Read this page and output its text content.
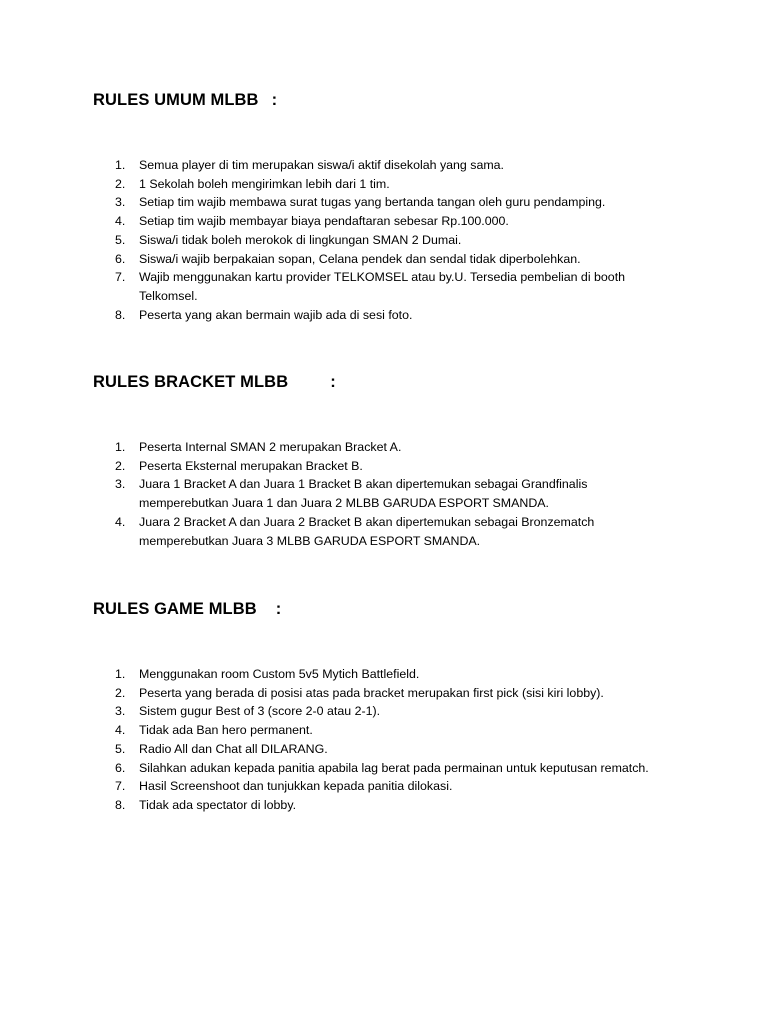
RULES UMUM MLBB :
1.	Semua player di tim merupakan siswa/i aktif disekolah yang sama.
2.	1 Sekolah boleh mengirimkan lebih dari 1 tim.
3.	Setiap tim wajib membawa surat tugas yang bertanda tangan oleh guru pendamping.
4.	Setiap tim wajib membayar biaya pendaftaran sebesar Rp.100.000.
5.	Siswa/i tidak boleh merokok di lingkungan SMAN 2 Dumai.
6.	Siswa/i wajib berpakaian sopan, Celana pendek dan sendal tidak diperbolehkan.
7.	Wajib menggunakan kartu provider TELKOMSEL atau by.U. Tersedia pembelian di booth Telkomsel.
8.	Peserta yang akan bermain wajib ada di sesi foto.
RULES BRACKET MLBB	:
1.	Peserta Internal SMAN 2 merupakan Bracket A.
2.	Peserta Eksternal merupakan Bracket B.
3.	Juara 1 Bracket A dan Juara 1 Bracket B akan dipertemukan sebagai Grandfinalis memperebutkan Juara 1 dan Juara 2 MLBB GARUDA ESPORT SMANDA.
4.	Juara 2 Bracket A dan Juara 2 Bracket B akan dipertemukan sebagai Bronzematch memperebutkan Juara 3 MLBB GARUDA ESPORT SMANDA.
RULES GAME MLBB :
1.	Menggunakan room Custom 5v5 Mytich Battlefield.
2.	Peserta yang berada di posisi atas pada bracket merupakan first pick (sisi kiri lobby).
3.	Sistem gugur Best of 3 (score 2-0 atau 2-1).
4.	Tidak ada Ban hero permanent.
5.	Radio All dan Chat all DILARANG.
6.	Silahkan adukan kepada panitia apabila lag berat pada permainan untuk keputusan rematch.
7.	Hasil Screenshoot dan tunjukkan kepada panitia dilokasi.
8.	Tidak ada spectator di lobby.
